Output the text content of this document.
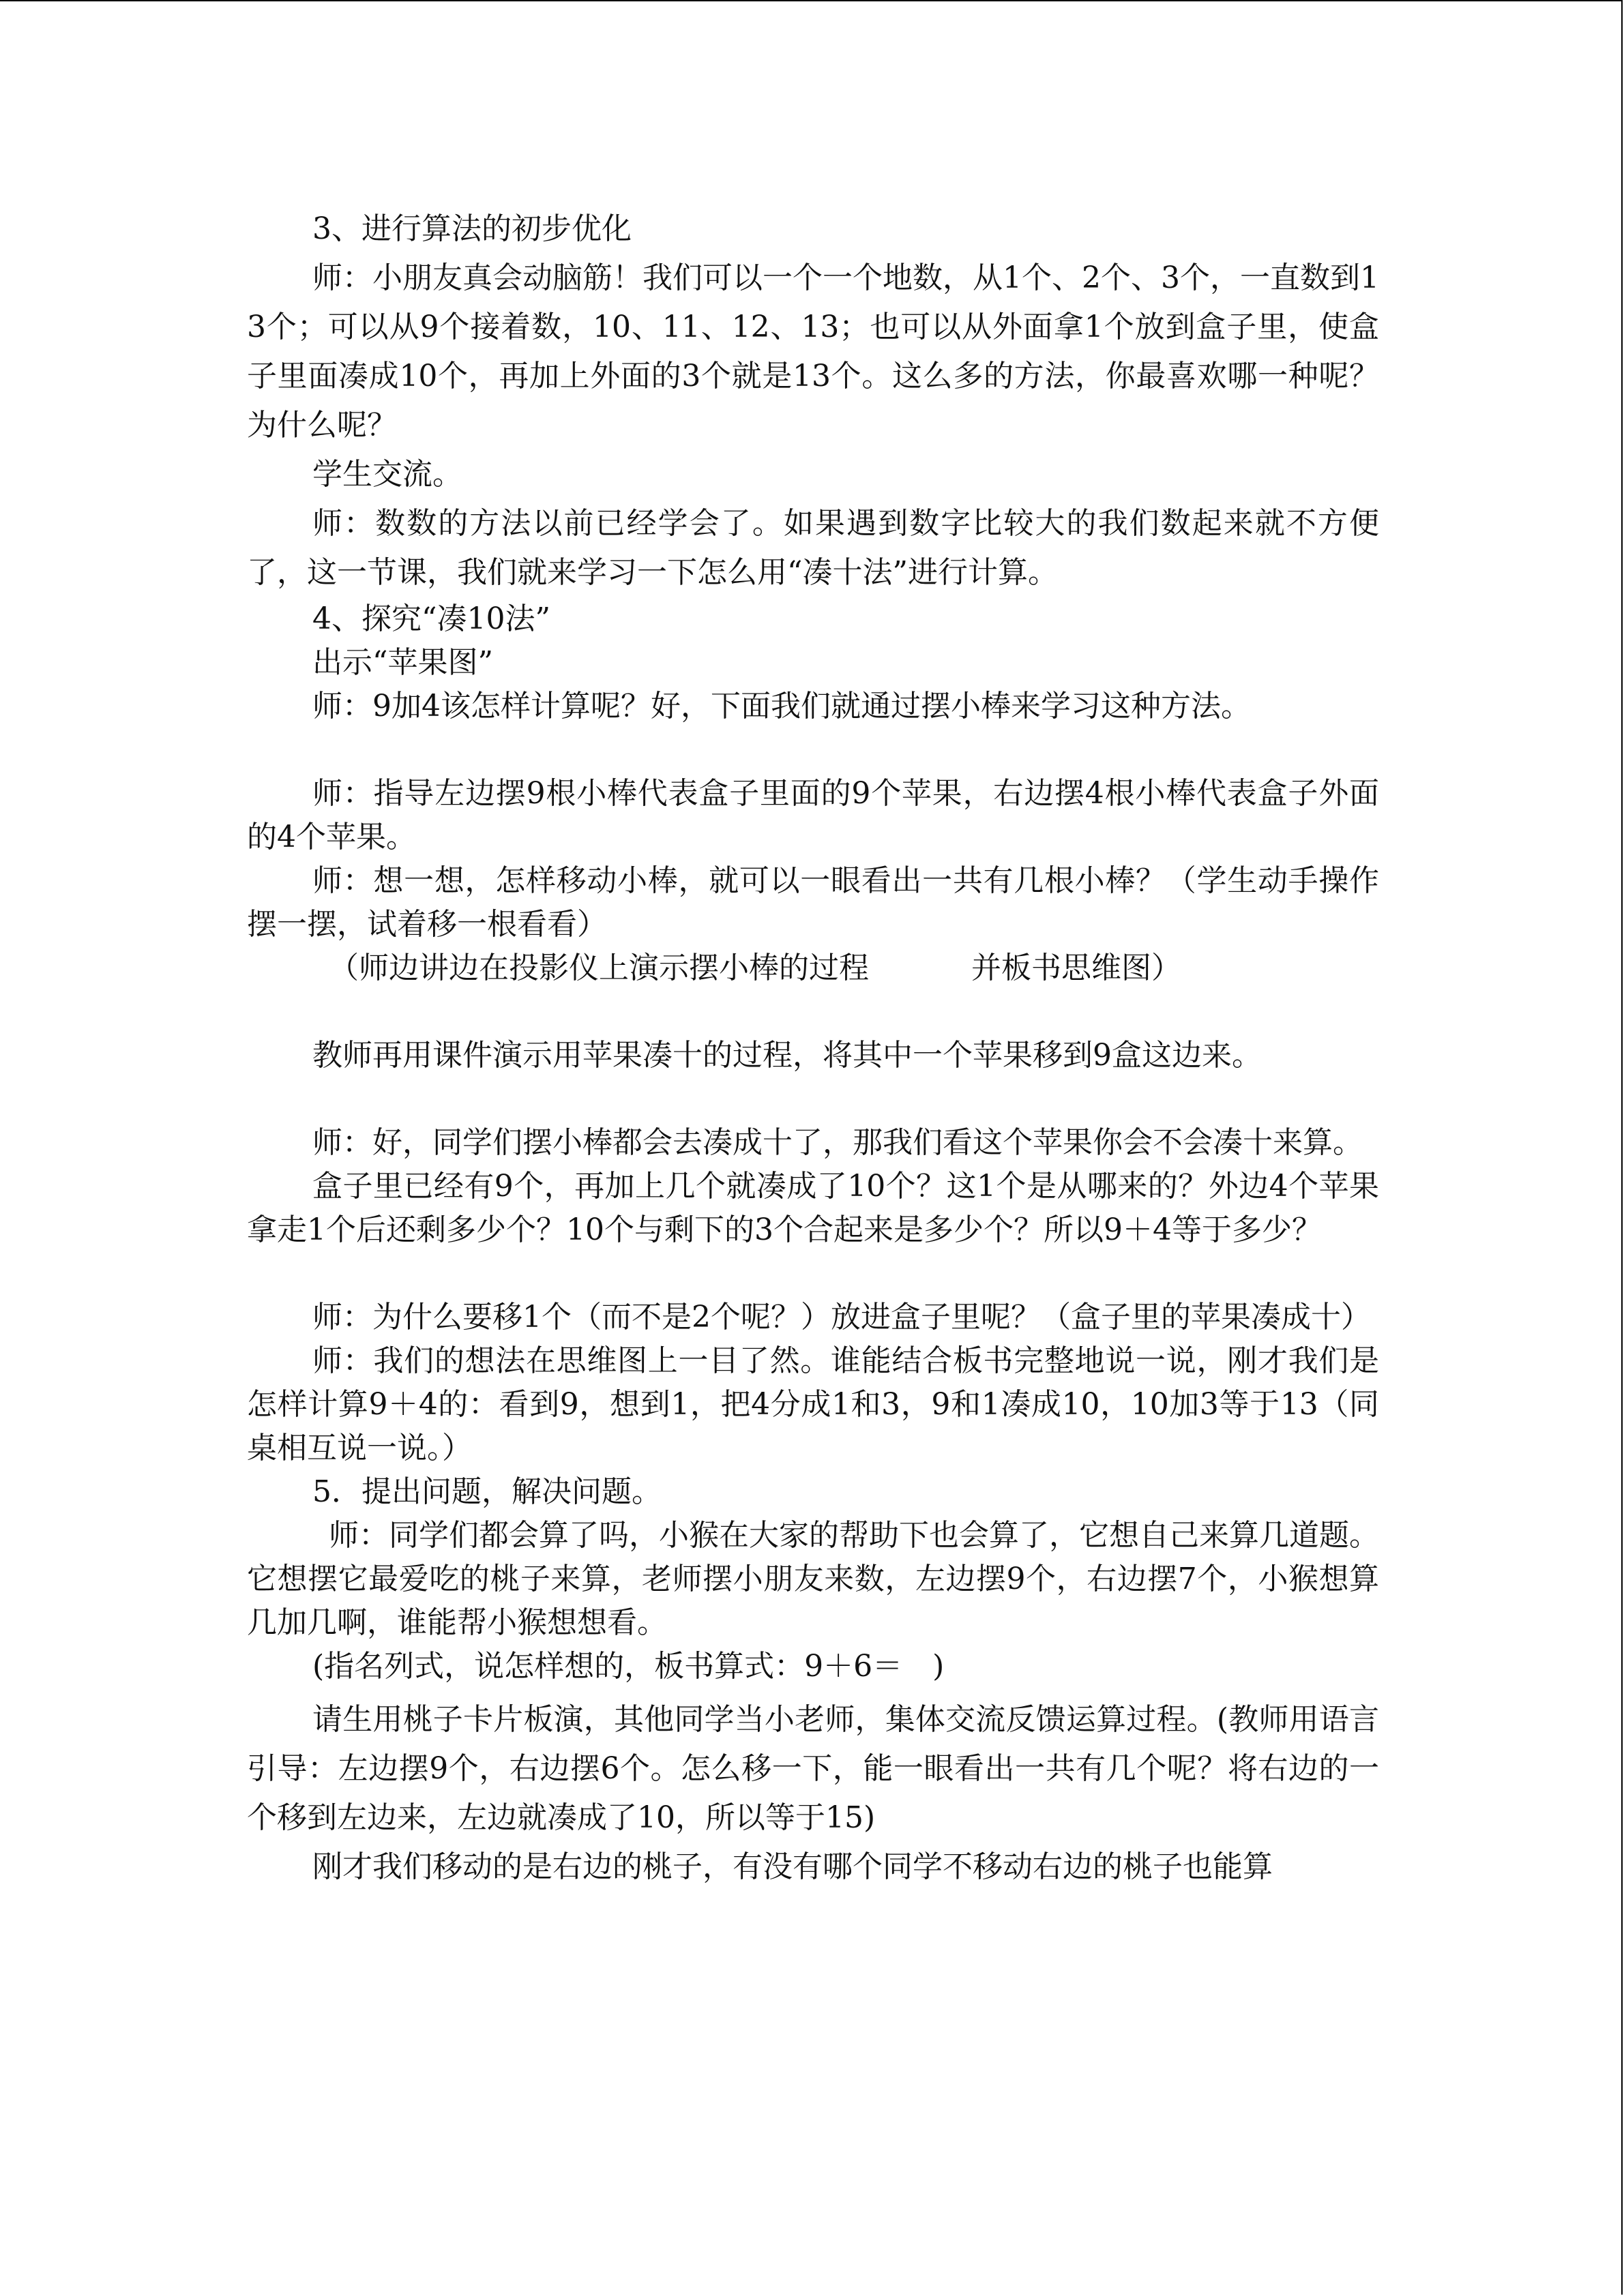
3、进行算法的初步优化

师：小朋友真会动脑筋！我们可以一个一个地数，从1个、2个、3个，一直数到13个；可以从9个接着数，10、11、12、13；也可以从外面拿1个放到盒子里，使盒子里面凑成10个，再加上外面的3个就是13个。这么多的方法，你最喜欢哪一种呢？为什么呢？

学生交流。

师：数数的方法以前已经学会了。如果遇到数字比较大的我们数起来就不方便了，这一节课，我们就来学习一下怎么用“凑十法”进行计算。

4、探究“凑10法”

出示“苹果图”

师：9加4该怎样计算呢？好，下面我们就通过摆小棒来学习这种方法。

师：指导左边摆9根小棒代表盒子里面的9个苹果，右边摆4根小棒代表盒子外面的4个苹果。

师：想一想，怎样移动小棒，就可以一眼看出一共有几根小棒？（学生动手操作摆一摆，试着移一根看看）

（师边讲边在投影仪上演示摆小棒的过程	并板书思维图）

教师再用课件演示用苹果凑十的过程，将其中一个苹果移到9盒这边来。

师：好，同学们摆小棒都会去凑成十了，那我们看这个苹果你会不会凑十来算。

盒子里已经有9个，再加上几个就凑成了10个？这1个是从哪来的？外边4个苹果拿走1个后还剩多少个？10个与剩下的3个合起来是多少个？所以9＋4等于多少？

师：为什么要移1个（而不是2个呢？）放进盒子里呢？（盒子里的苹果凑成十）

师：我们的想法在思维图上一目了然。谁能结合板书完整地说一说，刚才我们是怎样计算9＋4的：看到9，想到1，把4分成1和3，9和1凑成10，10加3等于13（同桌相互说一说。）

5．提出问题，解决问题。

师：同学们都会算了吗，小猴在大家的帮助下也会算了，它想自己来算几道题。它想摆它最爱吃的桃子来算，老师摆小朋友来数，左边摆9个，右边摆7个，小猴想算几加几啊，谁能帮小猴想想看。

(指名列式，说怎样想的，板书算式：9＋6＝　)

请生用桃子卡片板演，其他同学当小老师，集体交流反馈运算过程。(教师用语言引导：左边摆9个，右边摆6个。怎么移一下，能一眼看出一共有几个呢？将右边的一个移到左边来，左边就凑成了10，所以等于15)

刚才我们移动的是右边的桃子，有没有哪个同学不移动右边的桃子也能算
